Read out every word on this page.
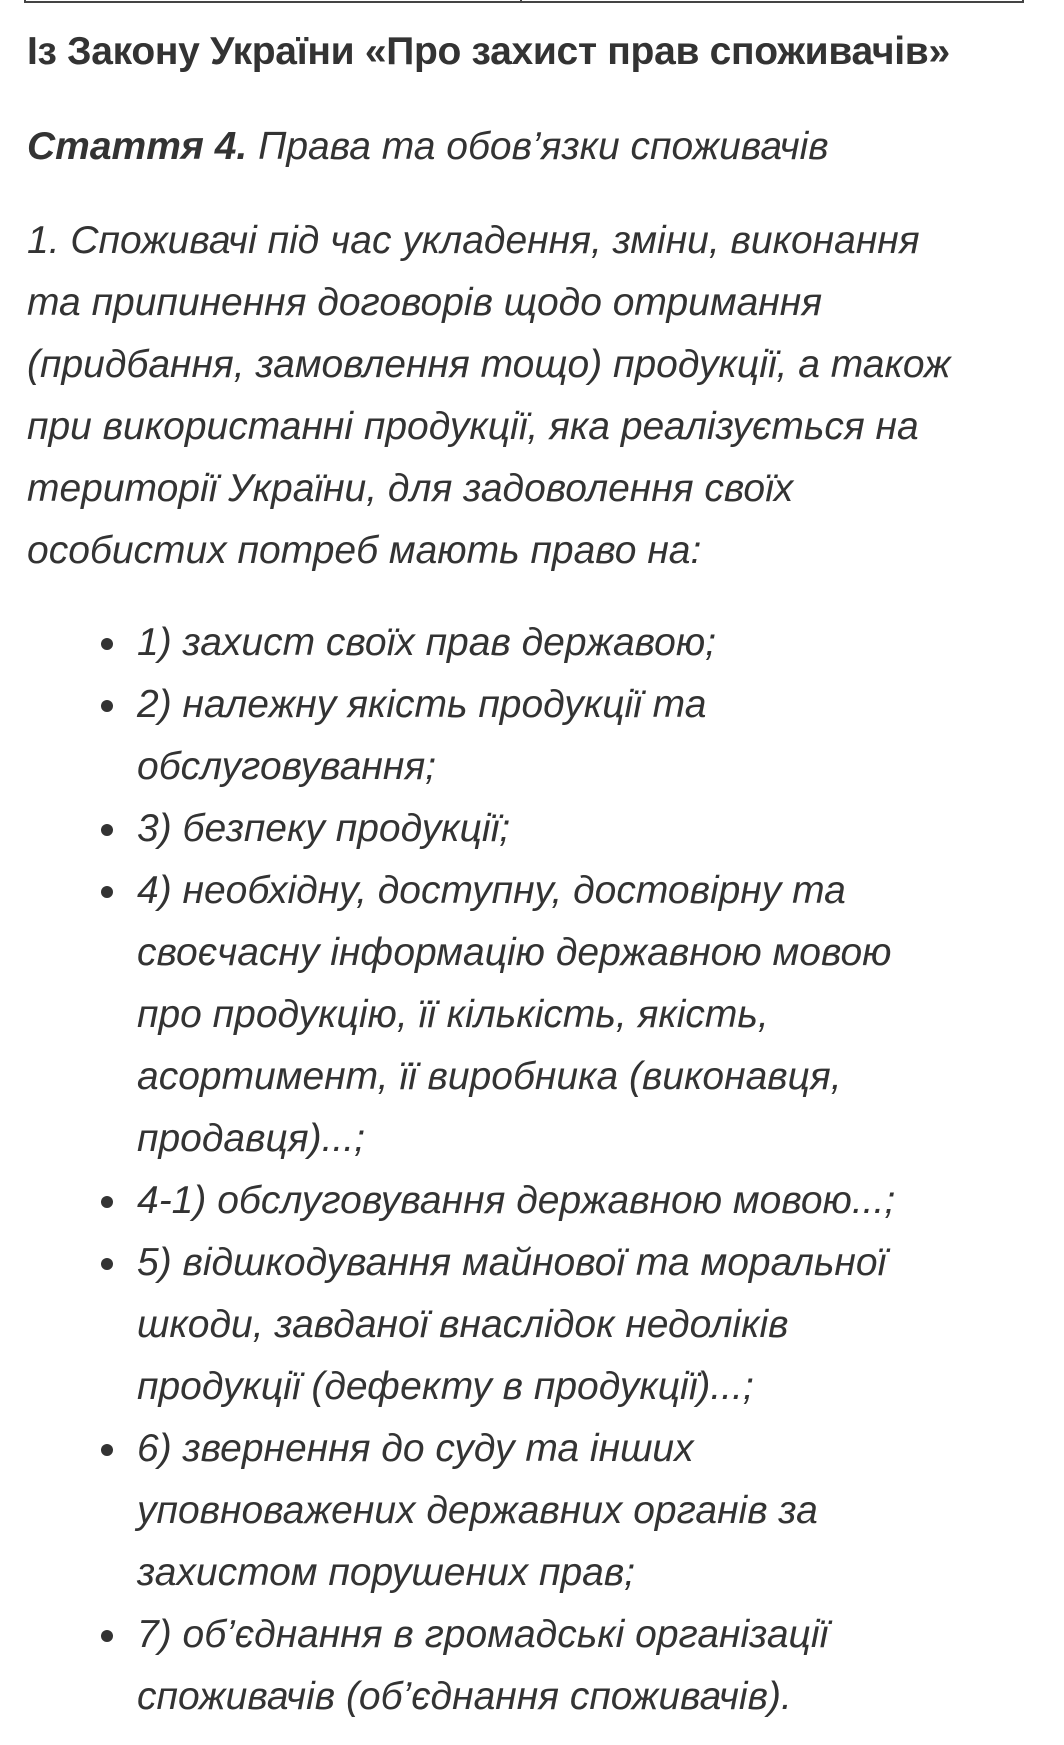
Із Закону України «Про захист прав споживачів»

Стаття 4. Права та обов’язки споживачів

1. Споживачі під час укладення, зміни, виконання
та припинення договорів щодо отримання
(придбання, замовлення тощо) продукції, а також
при використанні продукції, яка реалізується на
території України, для задоволення своїх
особистих потреб мають право на:

1) захист своїх прав державою;
2) належну якість продукції та
обслуговування;
3) безпеку продукції;
4) необхідну, доступну, достовірну та
своєчасну інформацію державною мовою
про продукцію, її кількість, якість,
асортимент, її виробника (виконавця,
продавця)...;
4-1) обслуговування державною мовою...;
5) відшкодування майнової та моральної
шкоди, завданої внаслідок недоліків
продукції (дефекту в продукції)...;
6) звернення до суду та інших
уповноважених державних органів за
захистом порушених прав;
7) об’єднання в громадські організації
споживачів (об’єднання споживачів).
